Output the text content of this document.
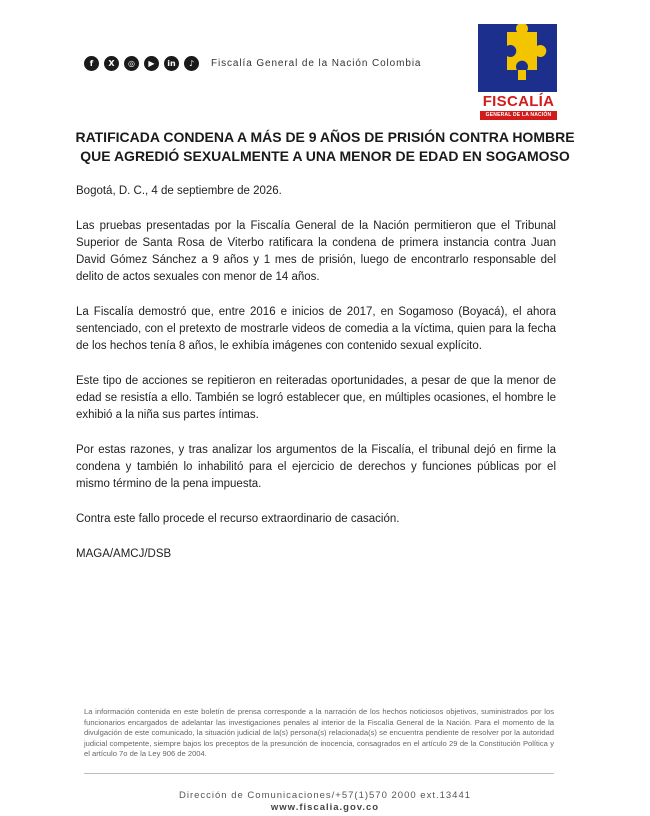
f	X	◎	▶	in	♪	Fiscalía General de la Nación Colombia
FISCALÍA
GENERAL DE LA NACIÓN
RATIFICADA CONDENA A MÁS DE 9 AÑOS DE PRISIÓN CONTRA HOMBRE
QUE AGREDIÓ SEXUALMENTE A UNA MENOR DE EDAD EN SOGAMOSO

Bogotá, D. C., 4 de septiembre de 2026.

Las pruebas presentadas por la Fiscalía General de la Nación permitieron que el Tribunal Superior de Santa Rosa de Viterbo ratificara la condena de primera instancia contra Juan David Gómez Sánchez a 9 años y 1 mes de prisión, luego de encontrarlo responsable del delito de actos sexuales con menor de 14 años.

La Fiscalía demostró que, entre 2016 e inicios de 2017, en Sogamoso (Boyacá), el ahora sentenciado, con el pretexto de mostrarle videos de comedia a la víctima, quien para la fecha de los hechos tenía 8 años, le exhibía imágenes con contenido sexual explícito.

Este tipo de acciones se repitieron en reiteradas oportunidades, a pesar de que la menor de edad se resistía a ello. También se logró establecer que, en múltiples ocasiones, el hombre le exhibió a la niña sus partes íntimas.

Por estas razones, y tras analizar los argumentos de la Fiscalía, el tribunal dejó en firme la condena y también lo inhabilitó para el ejercicio de derechos y funciones públicas por el mismo término de la pena impuesta.

Contra este fallo procede el recurso extraordinario de casación.

MAGA/AMCJ/DSB

La información contenida en este boletín de prensa corresponde a la narración de los hechos noticiosos objetivos, suministrados por los funcionarios encargados de adelantar las investigaciones penales al interior de la Fiscalía General de la Nación. Para el momento de la divulgación de este comunicado, la situación judicial de la(s) persona(s) relacionada(s) se encuentra pendiente de resolver por la autoridad judicial competente, siempre bajos los preceptos de la presunción de inocencia, consagrados en el artículo 29 de la Constitución Política y el artículo 7o de la Ley 906 de 2004.
Dirección de Comunicaciones/+57(1)570 2000 ext.13441
www.fiscalia.gov.co
